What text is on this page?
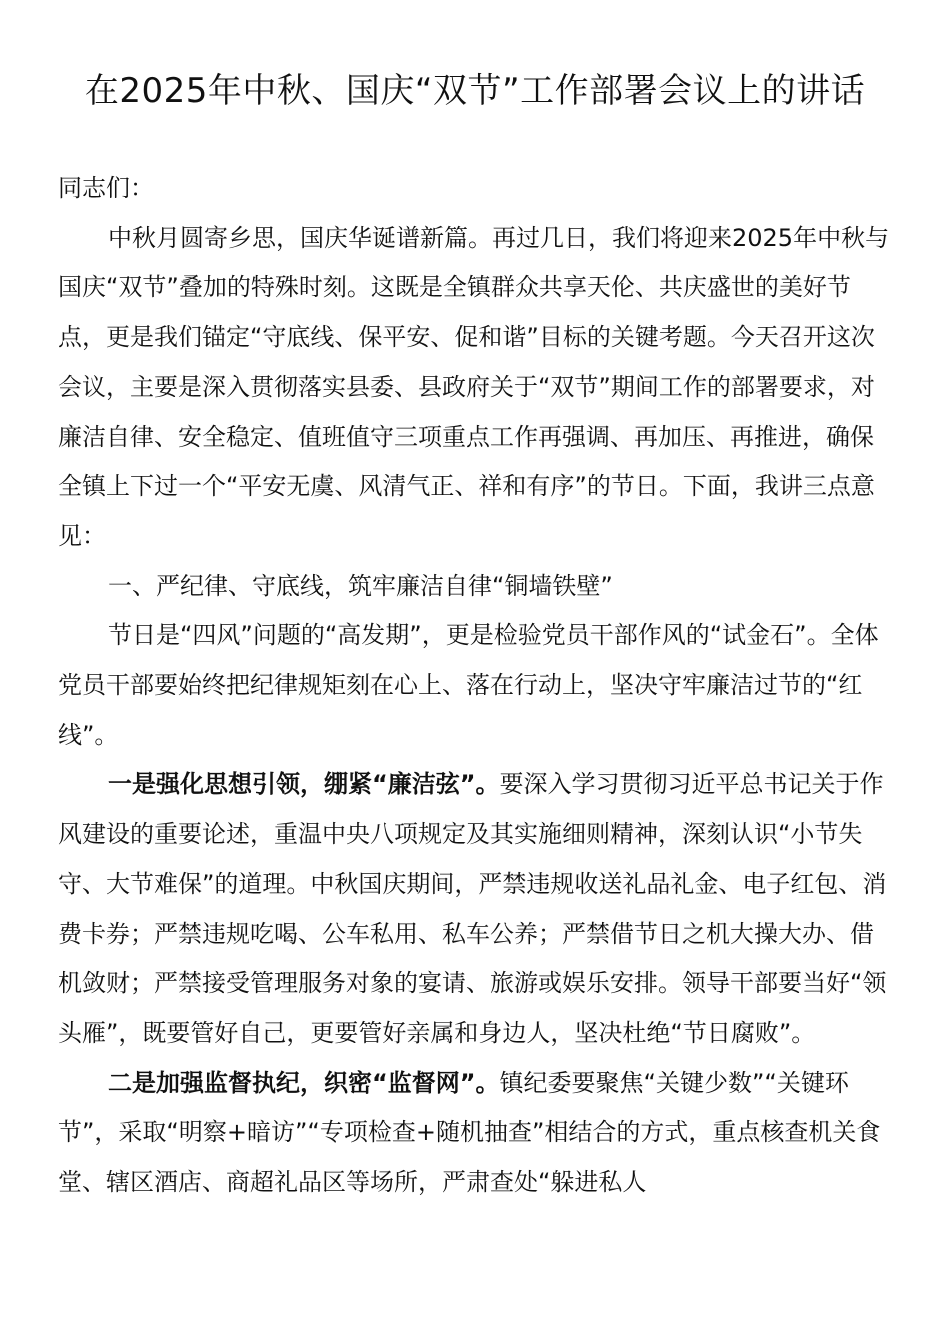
在2025年中秋、国庆“双节”工作部署会议上的讲话

同志们：

中秋月圆寄乡思，国庆华诞谱新篇。再过几日，我们将迎来2025年中秋与国庆“双节”叠加的特殊时刻。这既是全镇群众共享天伦、共庆盛世的美好节点，更是我们锚定“守底线、保平安、促和谐”目标的关键考题。今天召开这次会议，主要是深入贯彻落实县委、县政府关于“双节”期间工作的部署要求，对廉洁自律、安全稳定、值班值守三项重点工作再强调、再加压、再推进，确保全镇上下过一个“平安无虞、风清气正、祥和有序”的节日。下面，我讲三点意见：

一、严纪律、守底线，筑牢廉洁自律“铜墙铁壁”

节日是“四风”问题的“高发期”，更是检验党员干部作风的“试金石”。全体党员干部要始终把纪律规矩刻在心上、落在行动上，坚决守牢廉洁过节的“红线”。

一是强化思想引领，绷紧“廉洁弦”。要深入学习贯彻习近平总书记关于作风建设的重要论述，重温中央八项规定及其实施细则精神，深刻认识“小节失守、大节难保”的道理。中秋国庆期间，严禁违规收送礼品礼金、电子红包、消费卡券；严禁违规吃喝、公车私用、私车公养；严禁借节日之机大操大办、借机敛财；严禁接受管理服务对象的宴请、旅游或娱乐安排。领导干部要当好“领头雁”，既要管好自己，更要管好亲属和身边人，坚决杜绝“节日腐败”。

二是加强监督执纪，织密“监督网”。镇纪委要聚焦“关键少数”“关键环节”，采取“明察+暗访”“专项检查+随机抽查”相结合的方式，重点核查机关食堂、辖区酒店、商超礼品区等场所，严肃查处“躲进私人
